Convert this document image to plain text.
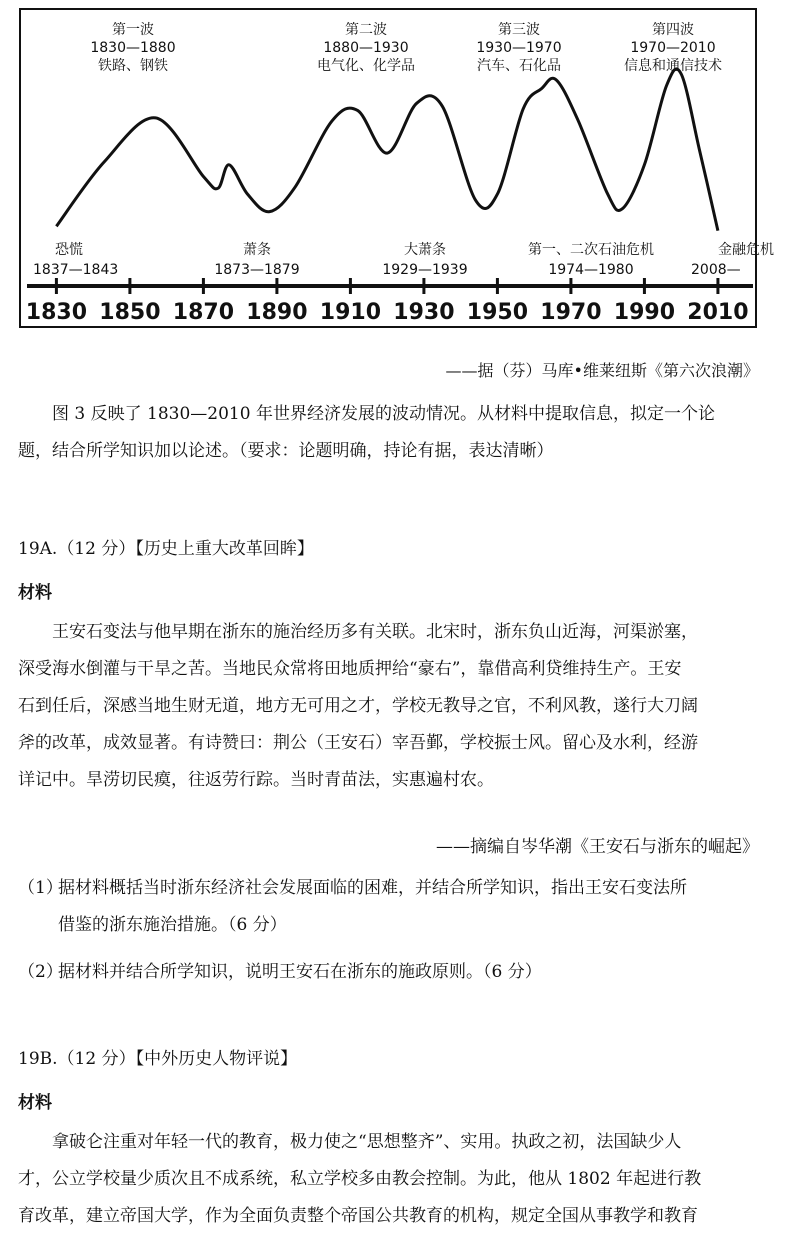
第一波 1830—1880 铁路、钢铁
第二波 1880—1930 电气化、化学品
第三波 1930—1970 汽车、石化品
第四波 1970—2010 信息和通信技术
恐慌 1837—1843
萧条 1873—1879
大萧条 1929—1939
第一、二次石油危机 1974—1980
金融危机 2008—
1830 1850 1870 1890 1910 1930 1950 1970 1990 2010
——据（芬）马库•维莱纽斯《第六次浪潮》
图 3 反映了 1830—2010 年世界经济发展的波动情况。从材料中提取信息，拟定一个论
题，结合所学知识加以论述。（要求：论题明确，持论有据，表达清晰）
19A.（12 分）【历史上重大改革回眸】
材料
王安石变法与他早期在浙东的施治经历多有关联。北宋时，浙东负山近海，河渠淤塞，
深受海水倒灌与干旱之苦。当地民众常将田地质押给“豪右”，靠借高利贷维持生产。王安
石到任后，深感当地生财无道，地方无可用之才，学校无教导之官，不利风教，遂行大刀阔
斧的改革，成效显著。有诗赞曰：荆公（王安石）宰吾鄞，学校振士风。留心及水利，经游
详记中。旱涝切民瘼，往返劳行踪。当时青苗法，实惠遍村农。
——摘编自岑华潮《王安石与浙东的崛起》
（1）据材料概括当时浙东经济社会发展面临的困难，并结合所学知识，指出王安石变法所
借鉴的浙东施治措施。（6 分）
（2）据材料并结合所学知识，说明王安石在浙东的施政原则。（6 分）
19B.（12 分）【中外历史人物评说】
材料
拿破仑注重对年轻一代的教育，极力使之“思想整齐”、实用。执政之初，法国缺少人
才，公立学校量少质次且不成系统，私立学校多由教会控制。为此，他从 1802 年起进行教
育改革，建立帝国大学，作为全面负责整个帝国公共教育的机构，规定全国从事教学和教育
